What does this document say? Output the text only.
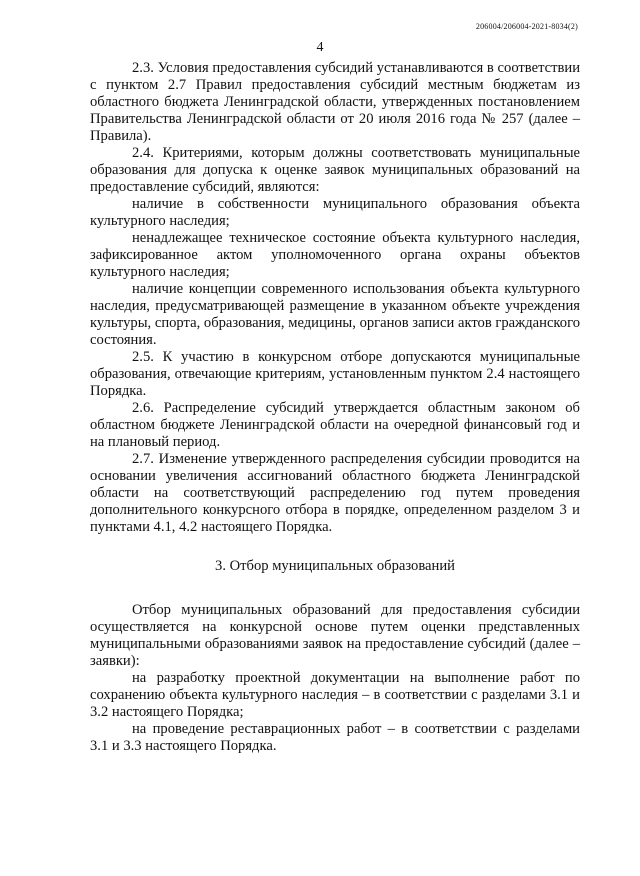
206004/206004-2021-8034(2)
4

2.3. Условия предоставления субсидий устанавливаются в соответствии с пунктом 2.7 Правил предоставления субсидий местным бюджетам из областного бюджета Ленинградской области, утвержденных постановлением Правительства Ленинградской области от 20 июля 2016 года № 257 (далее – Правила).

2.4. Критериями, которым должны соответствовать муниципальные образования для допуска к оценке заявок муниципальных образований на предоставление субсидий, являются:

наличие в собственности муниципального образования объекта культурного наследия;

ненадлежащее техническое состояние объекта культурного наследия, зафиксированное актом уполномоченного органа охраны объектов культурного наследия;

наличие концепции современного использования объекта культурного наследия, предусматривающей размещение в указанном объекте учреждения культуры, спорта, образования, медицины, органов записи актов гражданского состояния.

2.5. К участию в конкурсном отборе допускаются муниципальные образования, отвечающие критериям, установленным пунктом 2.4 настоящего Порядка.

2.6. Распределение субсидий утверждается областным законом об областном бюджете Ленинградской области на очередной финансовый год и на плановый период.

2.7. Изменение утвержденного распределения субсидии проводится на основании увеличения ассигнований областного бюджета Ленинградской области на соответствующий распределению год путем проведения дополнительного конкурсного отбора в порядке, определенном разделом 3 и пунктами 4.1, 4.2 настоящего Порядка.

3. Отбор муниципальных образований

Отбор муниципальных образований для предоставления субсидии осуществляется на конкурсной основе путем оценки представленных муниципальными образованиями заявок на предоставление субсидий (далее – заявки):

на разработку проектной документации на выполнение работ по сохранению объекта культурного наследия – в соответствии с разделами 3.1 и 3.2 настоящего Порядка;

на проведение реставрационных работ – в соответствии с разделами 3.1 и 3.3 настоящего Порядка.
